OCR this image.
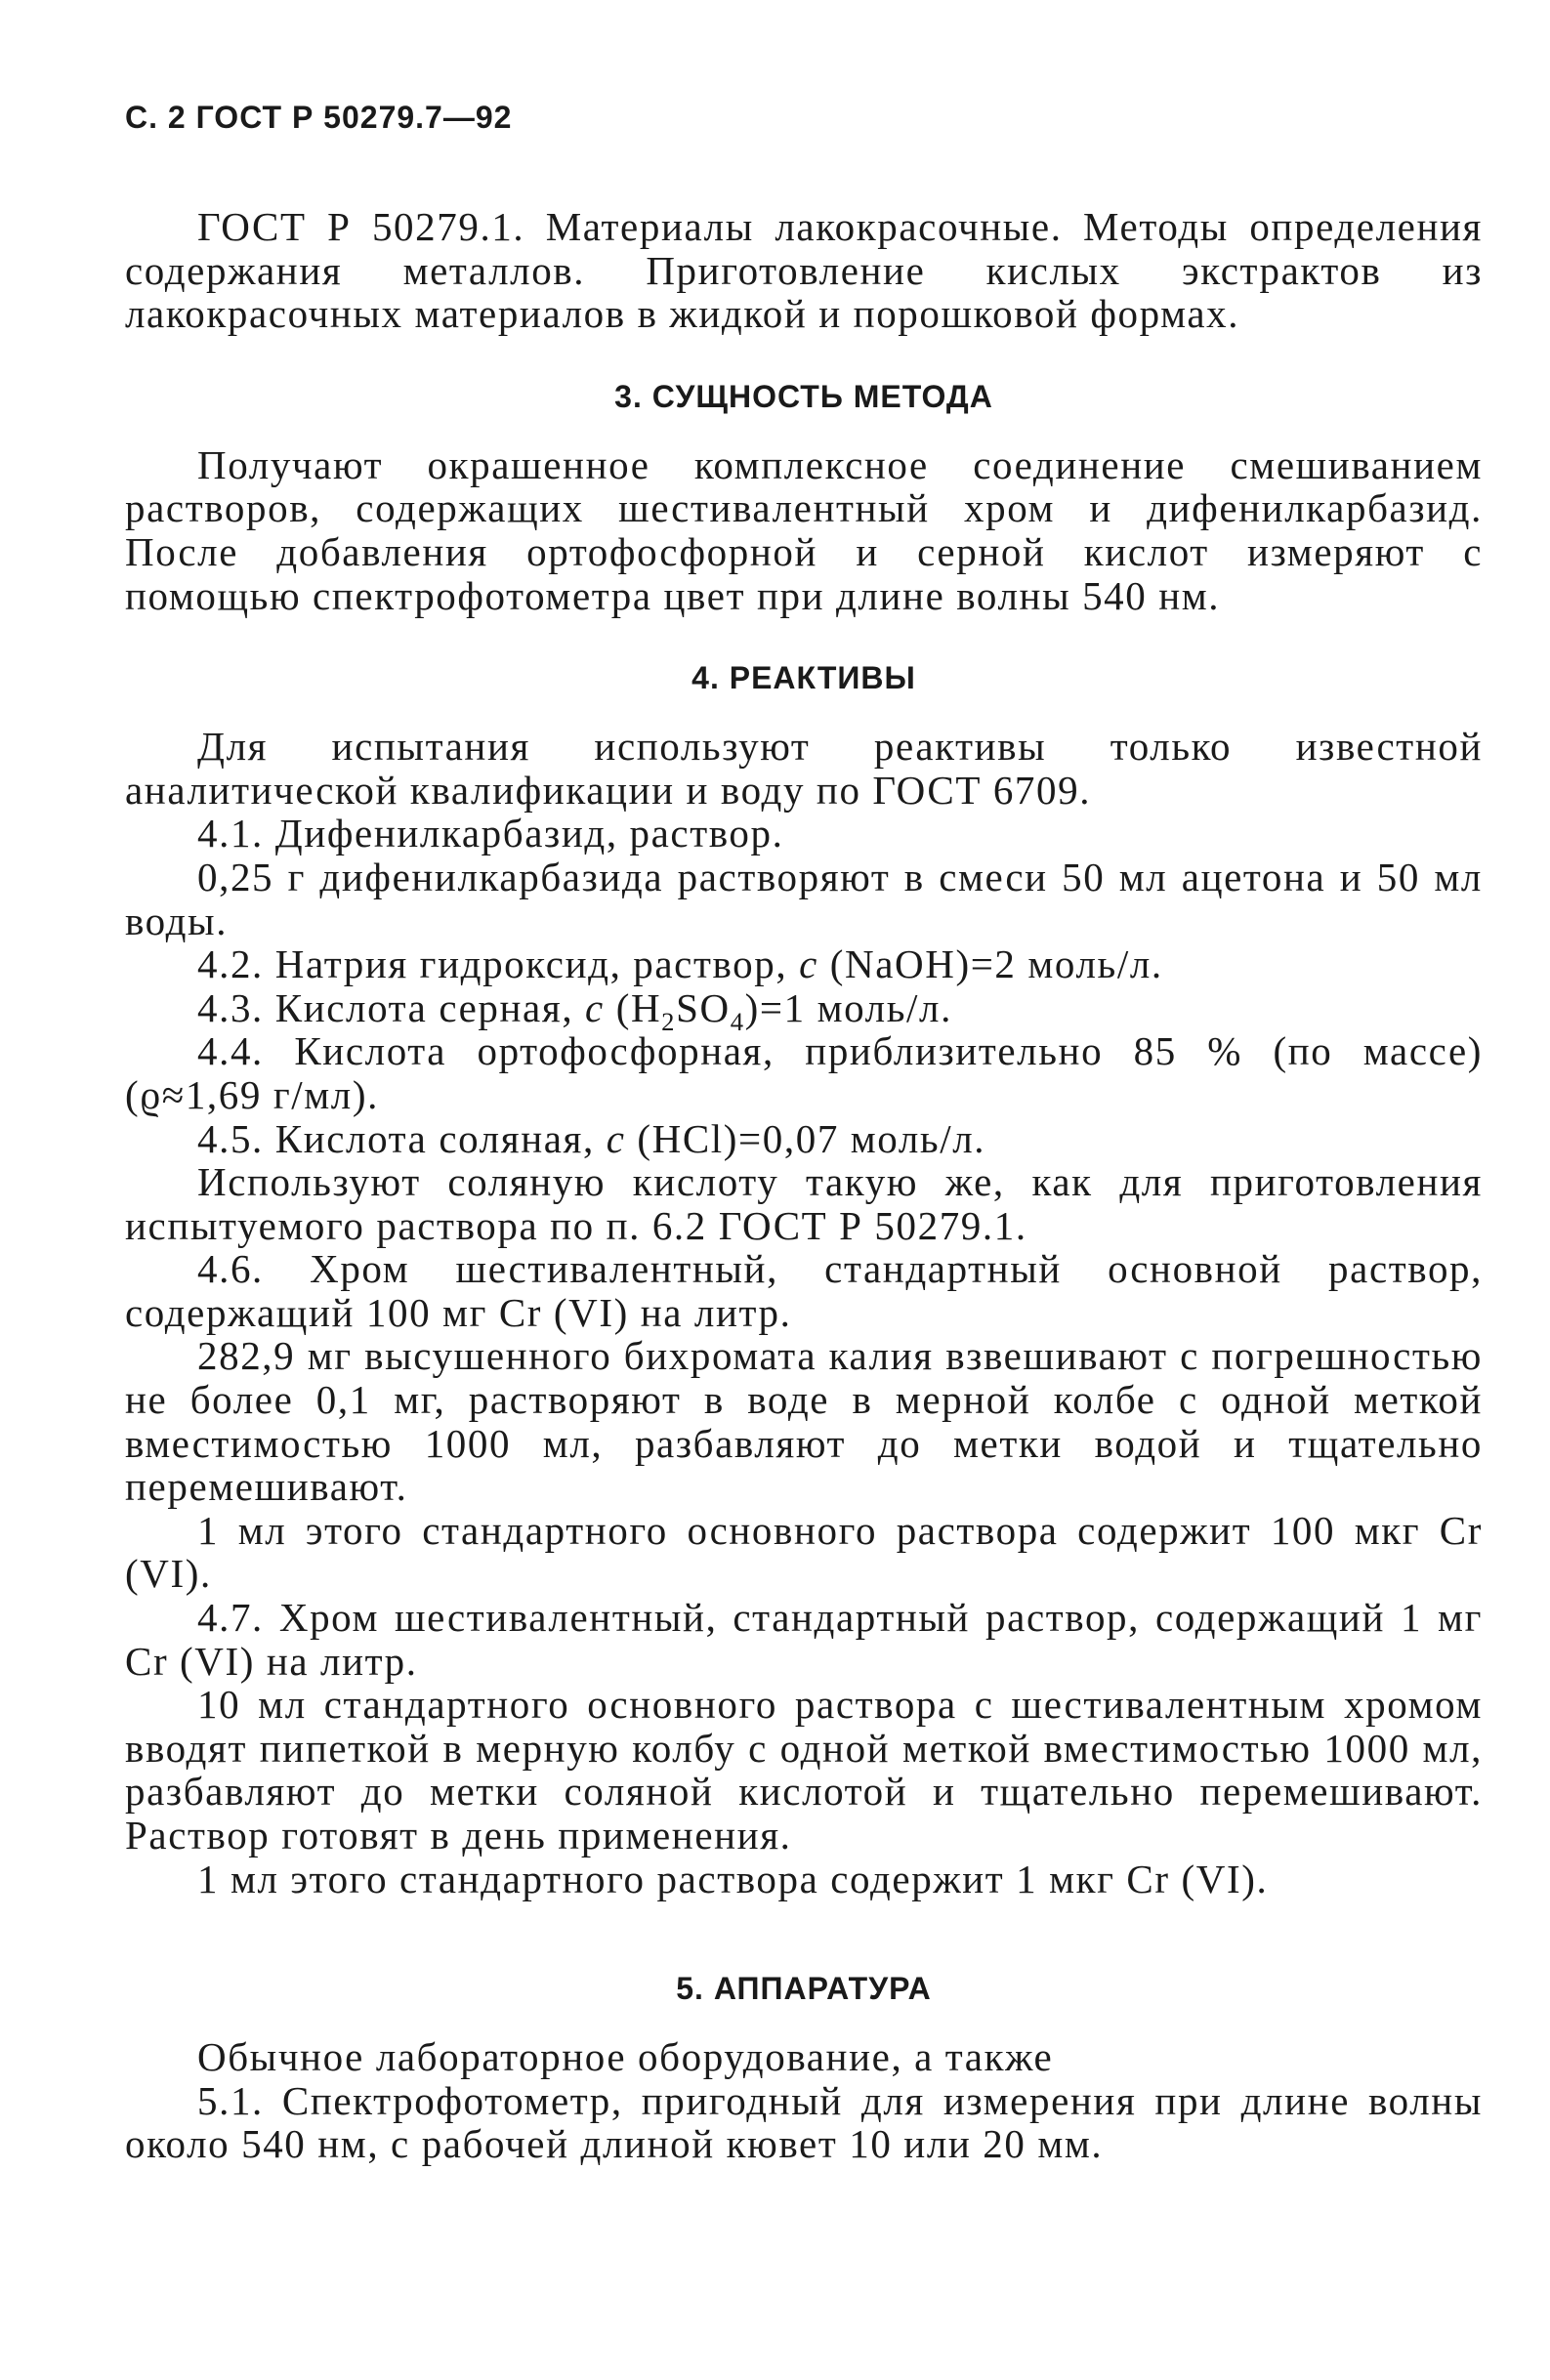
С. 2 ГОСТ Р 50279.7—92

ГОСТ Р 50279.1. Материалы лакокрасочные. Методы определения содержания металлов. Приготовление кислых экстрактов из лакокрасочных материалов в жидкой и порошковой формах.

3. СУЩНОСТЬ МЕТОДА

Получают окрашенное комплексное соединение смешиванием растворов, содержащих шестивалентный хром и дифенилкарбазид. После добавления ортофосфорной и серной кислот измеряют с помощью спектрофотометра цвет при длине волны 540 нм.

4. РЕАКТИВЫ

Для испытания используют реактивы только известной аналитической квалификации и воду по ГОСТ 6709.

4.1. Дифенилкарбазид, раствор.

0,25 г дифенилкарбазида растворяют в смеси 50 мл ацетона и 50 мл воды.

4.2. Натрия гидроксид, раствор, с (NaOH)=2 моль/л.

4.3. Кислота серная, с $(H_2SO_4)=1$ моль/л.

4.4. Кислота ортофосфорная, приблизительно 85 % (по массе) (ϱ≈1,69 г/мл).

4.5. Кислота соляная, с (HCl)=0,07 моль/л.

Используют соляную кислоту такую же, как для приготовления испытуемого раствора по п. 6.2 ГОСТ Р 50279.1.

4.6. Хром шестивалентный, стандартный основной раствор, содержащий 100 мг Cr (VI) на литр.

282,9 мг высушенного бихромата калия взвешивают с погрешностью не более 0,1 мг, растворяют в воде в мерной колбе с одной меткой вместимостью 1000 мл, разбавляют до метки водой и тщательно перемешивают.

1 мл этого стандартного основного раствора содержит 100 мкг Cr (VI).

4.7. Хром шестивалентный, стандартный раствор, содержащий 1 мг Cr (VI) на литр.

10 мл стандартного основного раствора с шестивалентным хромом вводят пипеткой в мерную колбу с одной меткой вместимостью 1000 мл, разбавляют до метки соляной кислотой и тщательно перемешивают. Раствор готовят в день применения.

1 мл этого стандартного раствора содержит 1 мкг Cr (VI).

5. АППАРАТУРА

Обычное лабораторное оборудование, а также

5.1. Спектрофотометр, пригодный для измерения при длине волны около 540 нм, с рабочей длиной кювет 10 или 20 мм.
